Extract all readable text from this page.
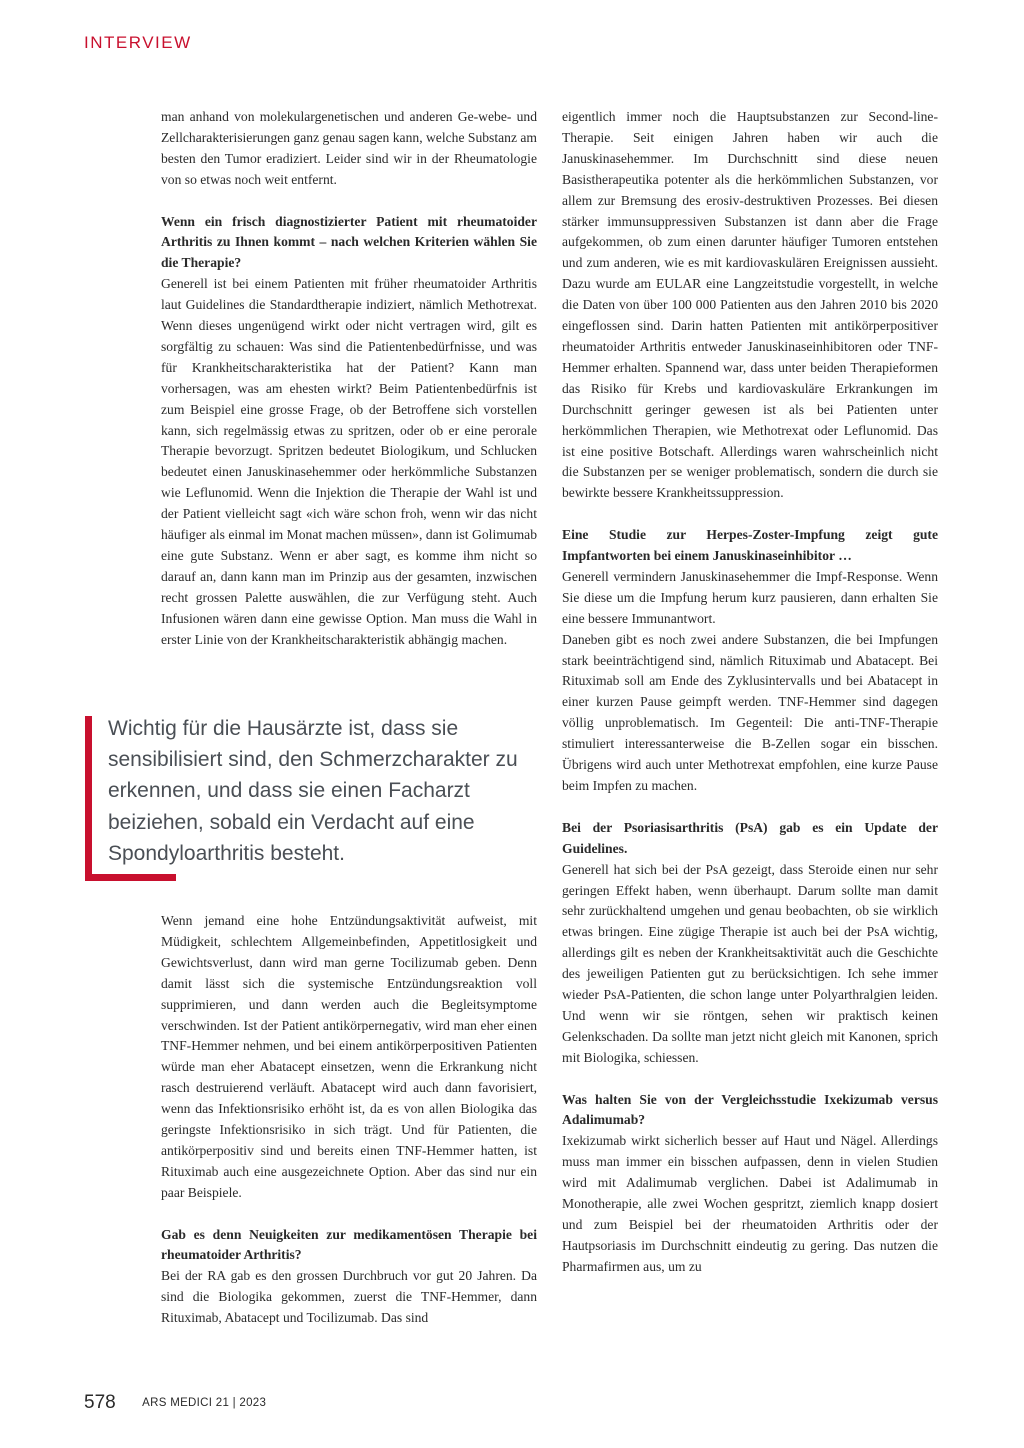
INTERVIEW

man anhand von molekulargenetischen und anderen Ge-webe- und Zellcharakterisierungen ganz genau sagen kann, welche Substanz am besten den Tumor eradiziert. Leider sind wir in der Rheumatologie von so etwas noch weit entfernt.

Wenn ein frisch diagnostizierter Patient mit rheumatoider Arthritis zu Ihnen kommt – nach welchen Kriterien wählen Sie die Therapie?

Generell ist bei einem Patienten mit früher rheumatoider Arthritis laut Guidelines die Standardtherapie indiziert, nämlich Methotrexat. Wenn dieses ungenügend wirkt oder nicht vertragen wird, gilt es sorgfältig zu schauen: Was sind die Patientenbedürfnisse, und was für Krankheitscharakteristika hat der Patient? Kann man vorhersagen, was am ehesten wirkt? Beim Patientenbedürfnis ist zum Beispiel eine grosse Frage, ob der Betroffene sich vorstellen kann, sich regelmässig etwas zu spritzen, oder ob er eine perorale Therapie bevorzugt. Spritzen bedeutet Biologikum, und Schlucken bedeutet einen Januskinasehemmer oder herkömmliche Substanzen wie Leflunomid. Wenn die Injektion die Therapie der Wahl ist und der Patient vielleicht sagt «ich wäre schon froh, wenn wir das nicht häufiger als einmal im Monat machen müssen», dann ist Golimumab eine gute Substanz. Wenn er aber sagt, es komme ihm nicht so darauf an, dann kann man im Prinzip aus der gesamten, inzwischen recht grossen Palette auswählen, die zur Verfügung steht. Auch Infusionen wären dann eine gewisse Option. Man muss die Wahl in erster Linie von der Krankheitscharakteristik abhängig machen.

Wichtig für die Hausärzte ist, dass sie sensibilisiert sind, den Schmerzcharakter zu erkennen, und dass sie einen Facharzt beiziehen, sobald ein Verdacht auf eine Spondyloarthritis besteht.

Wenn jemand eine hohe Entzündungsaktivität aufweist, mit Müdigkeit, schlechtem Allgemeinbefinden, Appetitlosigkeit und Gewichtsverlust, dann wird man gerne Tocilizumab geben. Denn damit lässt sich die systemische Entzündungsreaktion voll supprimieren, und dann werden auch die Begleitsymptome verschwinden. Ist der Patient antikörpernegativ, wird man eher einen TNF-Hemmer nehmen, und bei einem antikörperpositiven Patienten würde man eher Abatacept einsetzen, wenn die Erkrankung nicht rasch destruierend verläuft. Abatacept wird auch dann favorisiert, wenn das Infektionsrisiko erhöht ist, da es von allen Biologika das geringste Infektionsrisiko in sich trägt. Und für Patienten, die antikörperpositiv sind und bereits einen TNF-Hemmer hatten, ist Rituximab auch eine ausgezeichnete Option. Aber das sind nur ein paar Beispiele.

Gab es denn Neuigkeiten zur medikamentösen Therapie bei rheumatoider Arthritis?

Bei der RA gab es den grossen Durchbruch vor gut 20 Jahren. Da sind die Biologika gekommen, zuerst die TNF-Hemmer, dann Rituximab, Abatacept und Tocilizumab. Das sind

eigentlich immer noch die Hauptsubstanzen zur Second-line-Therapie. Seit einigen Jahren haben wir auch die Januskinasehemmer. Im Durchschnitt sind diese neuen Basistherapeutika potenter als die herkömmlichen Substanzen, vor allem zur Bremsung des erosiv-destruktiven Prozesses. Bei diesen stärker immunsuppressiven Substanzen ist dann aber die Frage aufgekommen, ob zum einen darunter häufiger Tumoren entstehen und zum anderen, wie es mit kardiovaskulären Ereignissen aussieht. Dazu wurde am EULAR eine Langzeitstudie vorgestellt, in welche die Daten von über 100 000 Patienten aus den Jahren 2010 bis 2020 eingeflossen sind. Darin hatten Patienten mit antikörperpositiver rheumatoider Arthritis entweder Januskinaseinhibitoren oder TNF-Hemmer erhalten. Spannend war, dass unter beiden Therapieformen das Risiko für Krebs und kardiovaskuläre Erkrankungen im Durchschnitt geringer gewesen ist als bei Patienten unter herkömmlichen Therapien, wie Methotrexat oder Leflunomid. Das ist eine positive Botschaft. Allerdings waren wahrscheinlich nicht die Substanzen per se weniger problematisch, sondern die durch sie bewirkte bessere Krankheitssuppression.

Eine Studie zur Herpes-Zoster-Impfung zeigt gute Impfantworten bei einem Januskinaseinhibitor …

Generell vermindern Januskinasehemmer die Impf-Response. Wenn Sie diese um die Impfung herum kurz pausieren, dann erhalten Sie eine bessere Immunantwort.

Daneben gibt es noch zwei andere Substanzen, die bei Impfungen stark beeinträchtigend sind, nämlich Rituximab und Abatacept. Bei Rituximab soll am Ende des Zyklusintervalls und bei Abatacept in einer kurzen Pause geimpft werden. TNF-Hemmer sind dagegen völlig unproblematisch. Im Gegenteil: Die anti-TNF-Therapie stimuliert interessanterweise die B-Zellen sogar ein bisschen. Übrigens wird auch unter Methotrexat empfohlen, eine kurze Pause beim Impfen zu machen.

Bei der Psoriasisarthritis (PsA) gab es ein Update der Guidelines.

Generell hat sich bei der PsA gezeigt, dass Steroide einen nur sehr geringen Effekt haben, wenn überhaupt. Darum sollte man damit sehr zurückhaltend umgehen und genau beobachten, ob sie wirklich etwas bringen. Eine zügige Therapie ist auch bei der PsA wichtig, allerdings gilt es neben der Krankheitsaktivität auch die Geschichte des jeweiligen Patienten gut zu berücksichtigen. Ich sehe immer wieder PsA-Patienten, die schon lange unter Polyarthralgien leiden. Und wenn wir sie röntgen, sehen wir praktisch keinen Gelenkschaden. Da sollte man jetzt nicht gleich mit Kanonen, sprich mit Biologika, schiessen.

Was halten Sie von der Vergleichsstudie Ixekizumab versus Adalimumab?

Ixekizumab wirkt sicherlich besser auf Haut und Nägel. Allerdings muss man immer ein bisschen aufpassen, denn in vielen Studien wird mit Adalimumab verglichen. Dabei ist Adalimumab in Monotherapie, alle zwei Wochen gespritzt, ziemlich knapp dosiert und zum Beispiel bei der rheumatoiden Arthritis oder der Hautpsoriasis im Durchschnitt eindeutig zu gering. Das nutzen die Pharmafirmen aus, um zu

578 ARS MEDICI 21 | 2023
